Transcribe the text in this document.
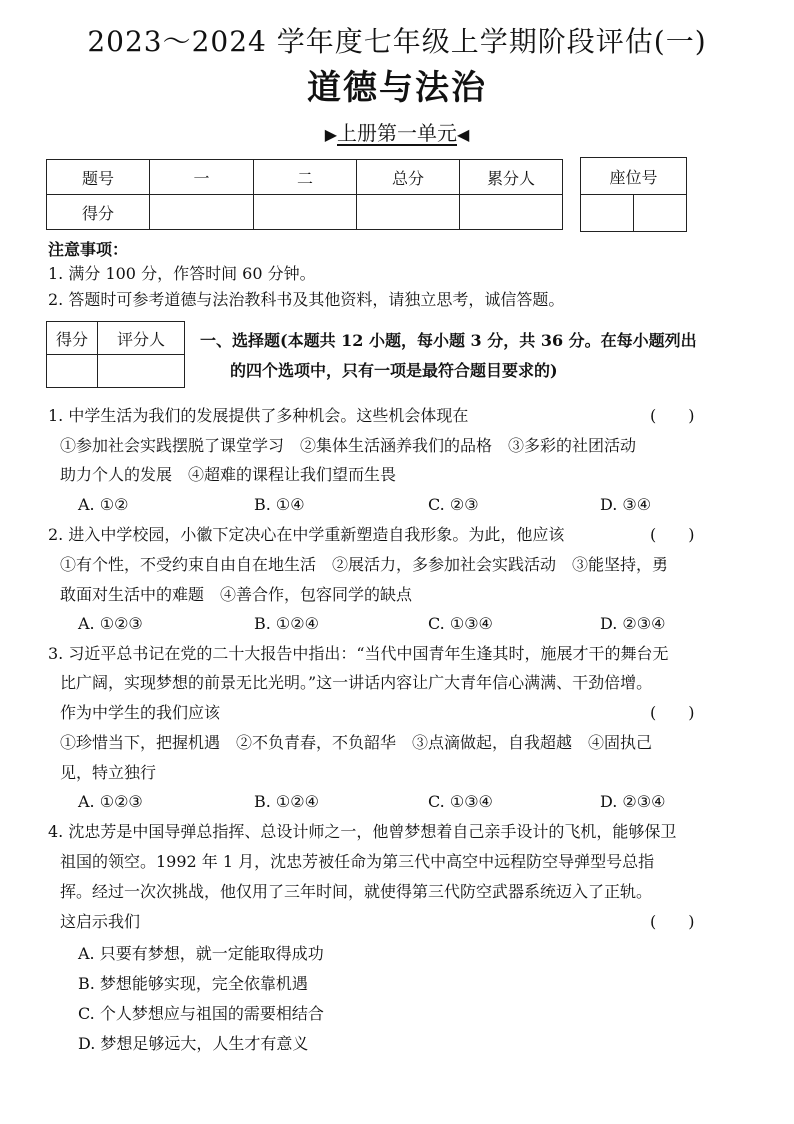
2023～2024 学年度七年级上学期阶段评估(一)
道德与法治
▶上册第一单元◀
题号	一	二	总分	累分人
得分				
座位号

注意事项：
1. 满分 100 分，作答时间 60 分钟。
2. 答题时可参考道德与法治教科书及其他资料，请独立思考，诚信答题。
得分	评分人
	一、选择题(本题共 12 小题，每小题 3 分，共 36 分。在每小题列出
的四个选项中，只有一项是最符合题目要求的)
1. 中学生活为我们的发展提供了多种机会。这些机会体现在	(　　)
①参加社会实践摆脱了课堂学习　②集体生活涵养我们的品格　③多彩的社团活动
助力个人的发展　④超难的课程让我们望而生畏
A. ①②	B. ①④	C. ②③	D. ③④
2. 进入中学校园，小徽下定决心在中学重新塑造自我形象。为此，他应该	(　　)
①有个性，不受约束自由自在地生活　②展活力，多参加社会实践活动　③能坚持，勇
敢面对生活中的难题　④善合作，包容同学的缺点
A. ①②③	B. ①②④	C. ①③④	D. ②③④
3. 习近平总书记在党的二十大报告中指出：“当代中国青年生逢其时，施展才干的舞台无
比广阔，实现梦想的前景无比光明。”这一讲话内容让广大青年信心满满、干劲倍增。
作为中学生的我们应该	(　　)
①珍惜当下，把握机遇　②不负青春，不负韶华　③点滴做起，自我超越　④固执己
见，特立独行
A. ①②③	B. ①②④	C. ①③④	D. ②③④
4. 沈忠芳是中国导弹总指挥、总设计师之一，他曾梦想着自己亲手设计的飞机，能够保卫
祖国的领空。1992 年 1 月，沈忠芳被任命为第三代中高空中远程防空导弹型号总指
挥。经过一次次挑战，他仅用了三年时间，就使得第三代防空武器系统迈入了正轨。
这启示我们	(　　)
A. 只要有梦想，就一定能取得成功
B. 梦想能够实现，完全依靠机遇
C. 个人梦想应与祖国的需要相结合
D. 梦想足够远大，人生才有意义
